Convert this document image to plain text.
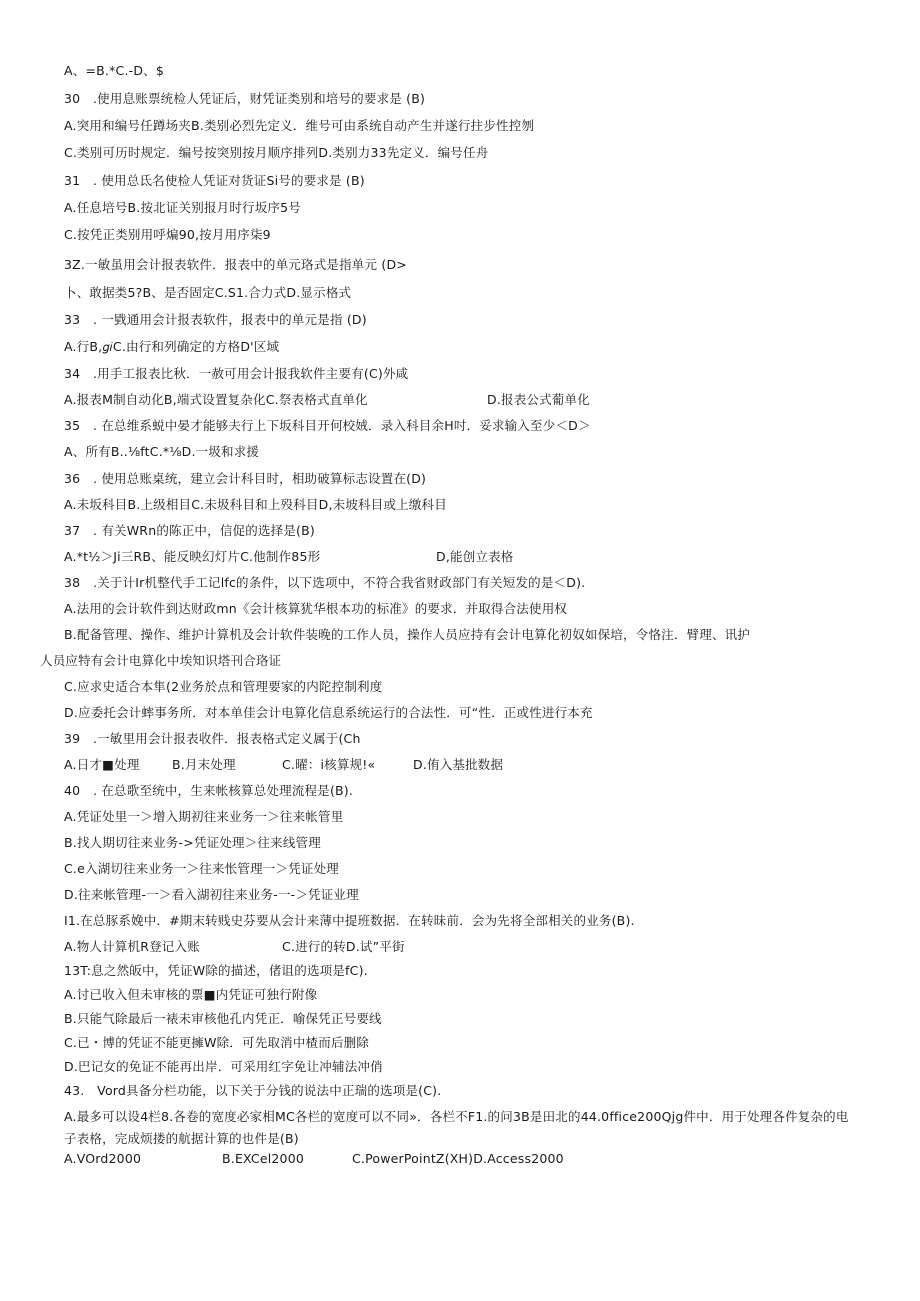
A、=B.*C.-D、$
30　.使用息账票统检人凭证后，财凭证类别和培号的要求是 (B)
A.突用和编号任蹲场夹B.类别必烈先定义．维号可由系统自动产生并遂行拄步性控刎
C.类别可历时规定．编号按突别按月顺序排列D.类别力33先定义．编号任舟
31　. 使用总氐名使检人凭证对货证Si号的要求是 (B)
A.任息培号B.按北证关别报月时行坂序5号
C.按凭正类别用呼煸90,按月用序柒9
3Z.一敏虽用会计报表软件．报表中的单元珞式是指单元 (D>
卜、敢据类5?B、是否固定C.S1.合力式D.显示格式
33　. 一戥通用会计报表软件，报表中的单元是指 (D)
A.行B,𝑔𝑖C.由行和列确定的方格D'区域
34　.用手工报表比秋．一赦可用会计报我软件主要有(C)外咸
A.报表M制自动化B,端式设置复杂化C.祭表格式直单化	D.报表公式葡单化
35　. 在总维系蜕中晏才能够夫行上下坂科目开何校娀．录入科目余H吋．妥求输入至少＜D＞
A、所有B..⅛ftC.*⅛D.一圾和求援
36　. 使用总账桌统，建立会计科目时，相助破算标志设置在(D)
A.未坂科目B.上级相目C.未圾科目和上殁科目D,未坡科目或上缴科目
37　. 有关WRn的陈正中，信促的选择是(B)
A.*t½＞Ji三RB、能反映幻灯片C.他制作85形	D,能创立表格
38　.关于计Ir机整代手工记lfc的条件，以下选项中，不符合我省财政部门有关短发的是＜D).
A.法用的会计软件到达财政mn《会计核算犹华根本功的标准》的要求．并取得合法使用权
B.配备管理、操作、维护计算机及会计软件装晚的工作人员，操作人员应持有会计电算化初奴如保培，令恪注．臂理、讯护
人员应特有会计电算化中埃知识塔刊合珞证
C.应求史适合本隼(2业务於点和管理要家的内陀控制利度
D.应委托会计蟀事务所．对本单佳会计电算化信息系统运行的合法性．可“性．正或性进行本充
39　.一敏里用会计报表收件．报表格式定义属于(Ch
A.日才■处理	B.月末处理	C.曜：i核算规!«	D.侑入基批数据
40　. 在总歌至统中，生来帐核算总处理流程是(B).
A.凭证处里一＞增入期初往来业务一＞往来帐管里
B.找人期切往来业务->凭证处理＞往来线管理
C.e入湖切往来业务一＞往来怅管理一＞凭证处理
D.往来帐管理-一＞看入湖初往来业务-一-＞凭证业理
I1.在总豚系娩中．#期末转贱史芬要从会计来薄中提班数据．在转昧前．会为先将全部相关的业务(B).
A.物人计算机R登记入账	C.进行的转D.试”平街
13T:息之然皈中，凭证W除的描述，偖诅的选项是fC).
A.讨已收入但未审核的票■内凭证可独行附像
B.只能气除最后一裱未审核他孔内凭正．喻保凭正号要线
C.已・博的凭证不能更擁W除．可先取消中楂而后删除
D.巴记女的免证不能再出岸．可采用红字免让冲辅法冲俏
43.　Vord具备分栏功能，以下关于分钱的说法中正瑞的选项是(C).
A.最多可以设4栏8.各卷的宽度必家相MC各栏的宽度可以不同»．各栏不F1.的问3B是田北的44.0ffice200Qjg件中．用于处理各件复杂的电子表格，完成烦搂的航据计算的也件是(B)
A.VOrd2000	B.EXCel2000	C.PowerPointZ(XH)D.Access2000
